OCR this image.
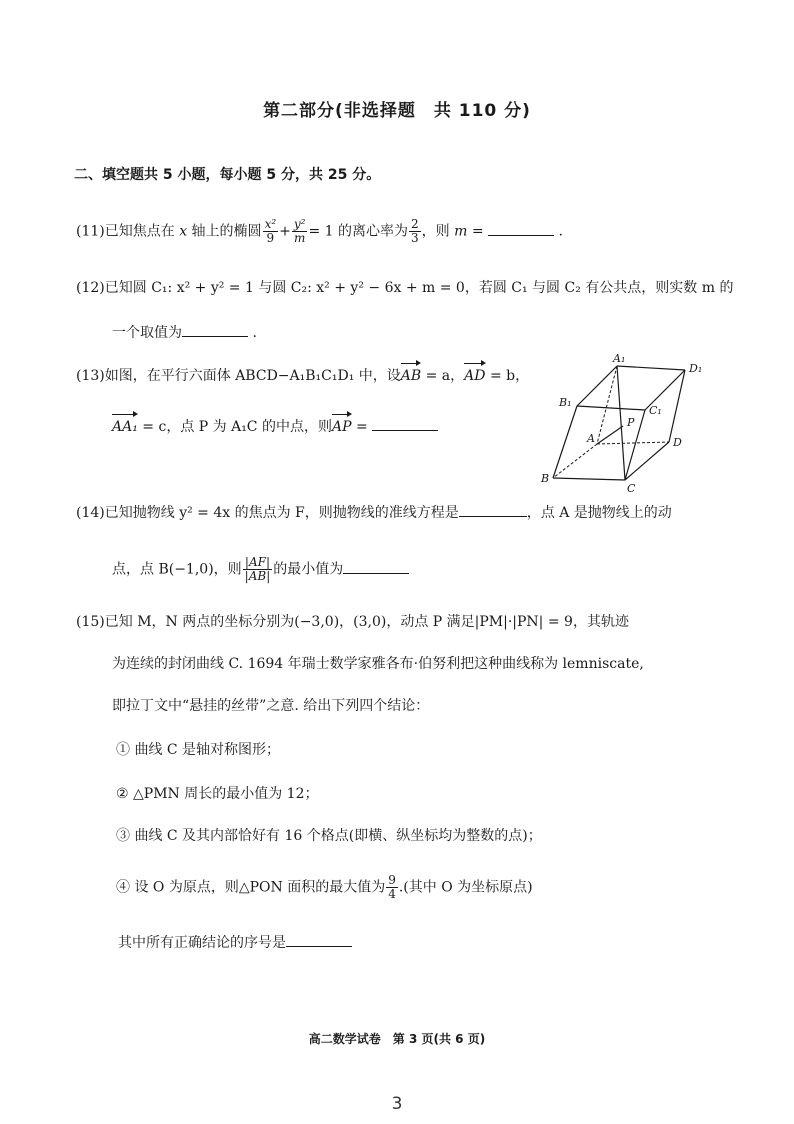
第二部分(非选择题　共 110 分)
二、填空题共 5 小题，每小题 5 分，共 25 分。
(11)已知焦点在 x 轴上的椭圆 $\frac{\text{x²}}{9} + \frac{\text{y²}}{m} = 1$ 的离心率为 $\frac{2}{3}$ ，则 m =	.
(12)已知圆 C₁: x² + y² = 1 与圆 C₂: x² + y² − 6x + m = 0，若圆 C₁ 与圆 C₂ 有公共点，则实数 m 的
一个取值为	.
(13)如图，在平行六面体 ABCD−A₁B₁C₁D₁ 中，设AB = a，AD = b，
AA₁ = c，点 P 为 A₁C 的中点，则AP =
A₁
D₁
B₁
C₁
P
A	D
B
C
(14)已知抛物线 y² = 4x 的焦点为 F，则抛物线的准线方程是	，点 A 是抛物线上的动
点，点 B(−1,0)，则 $\frac{|AF|}{|AB|}$ 的最小值为
(15)已知 M，N 两点的坐标分别为(−3,0)，(3,0)，动点 P 满足|PM|·|PN| = 9，其轨迹
为连续的封闭曲线 C. 1694 年瑞士数学家雅各布·伯努利把这种曲线称为 lemniscate,
即拉丁文中“悬挂的丝带”之意. 给出下列四个结论：
① 曲线 C 是轴对称图形；
② △PMN 周长的最小值为 12；
③ 曲线 C 及其内部恰好有 16 个格点(即横、纵坐标均为整数的点)；
④ 设 O 为原点，则△PON 面积的最大值为 $\frac{9}{4}$ .(其中 O 为坐标原点)
其中所有正确结论的序号是
高二数学试卷　第 3 页(共 6 页)
3
